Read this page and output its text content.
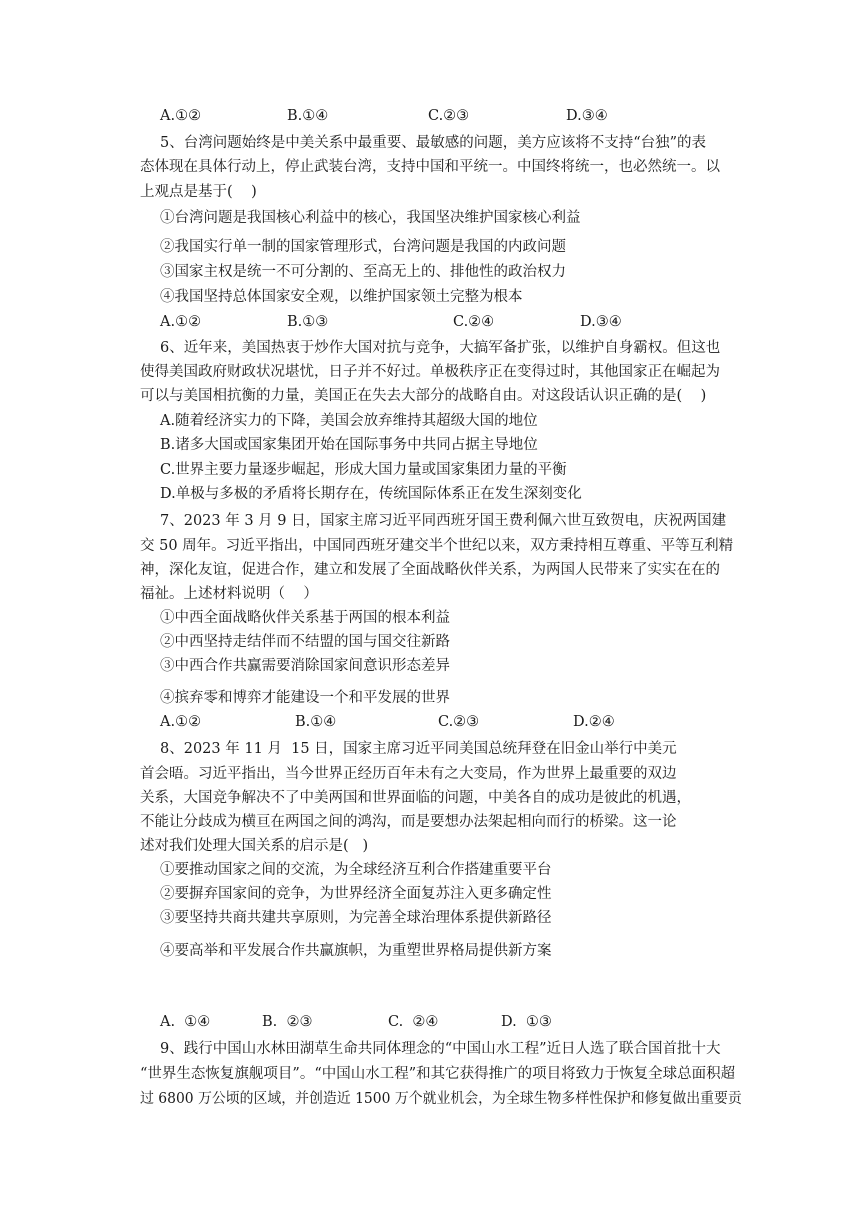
A.①②	B.①④	C.②③	D.③④
5、台湾问题始终是中美关系中最重要、最敏感的问题，美方应该将不支持“台独”的表
态体现在具体行动上，停止武装台湾，支持中国和平统一。中国终将统一，也必然统一。以
上观点是基于(    )
①台湾问题是我国核心利益中的核心，我国坚决维护国家核心利益
②我国实行单一制的国家管理形式，台湾问题是我国的内政问题
③国家主权是统一不可分割的、至高无上的、排他性的政治权力
④我国坚持总体国家安全观，以维护国家领土完整为根本
A.①②	B.①③	C.②④	D.③④
6、近年来，美国热衷于炒作大国对抗与竞争，大搞军备扩张，以维护自身霸权。但这也
使得美国政府财政状况堪忧，日子并不好过。单极秩序正在变得过时，其他国家正在崛起为
可以与美国相抗衡的力量，美国正在失去大部分的战略自由。对这段话认识正确的是(    )
A.随着经济实力的下降，美国会放弃维持其超级大国的地位
B.诸多大国或国家集团开始在国际事务中共同占据主导地位
C.世界主要力量逐步崛起，形成大国力量或国家集团力量的平衡
D.单极与多极的矛盾将长期存在，传统国际体系正在发生深刻变化
7、2023 年 3 月 9 日，国家主席习近平同西班牙国王费利佩六世互致贺电，庆祝两国建
交 50 周年。习近平指出，中国同西班牙建交半个世纪以来，双方秉持相互尊重、平等互利精
神，深化友谊，促进合作，建立和发展了全面战略伙伴关系，为两国人民带来了实实在在的
福祉。上述材料说明（    ）
①中西全面战略伙伴关系基于两国的根本利益
②中西坚持走结伴而不结盟的国与国交往新路
③中西合作共赢需要消除国家间意识形态差异
④摈弃零和博弈才能建设一个和平发展的世界
A.①②	B.①④	C.②③	D.②④
8、2023 年 11 月  15 日，国家主席习近平同美国总统拜登在旧金山举行中美元
首会晤。习近平指出，当今世界正经历百年未有之大变局，作为世界上最重要的双边
关系，大国竞争解决不了中美两国和世界面临的问题，中美各自的成功是彼此的机遇，
不能让分歧成为横亘在两国之间的鸿沟，而是要想办法架起相向而行的桥梁。这一论
述对我们处理大国关系的启示是(   )
①要推动国家之间的交流，为全球经济互利合作搭建重要平台
②要摒弃国家间的竞争，为世界经济全面复苏注入更多确定性
③要坚持共商共建共享原则，为完善全球治理体系提供新路径
④要高举和平发展合作共赢旗帜，为重塑世界格局提供新方案
A.  ①④	B.  ②③	C.  ②④	D.  ①③
9、践行中国山水林田湖草生命共同体理念的“中国山水工程”近日人选了联合国首批十大
“世界生态恢复旗舰项目”。“中国山水工程”和其它获得推广的项目将致力于恢复全球总面积超
过 6800 万公顷的区域，并创造近 1500 万个就业机会，为全球生物多样性保护和修复做出重要贡
